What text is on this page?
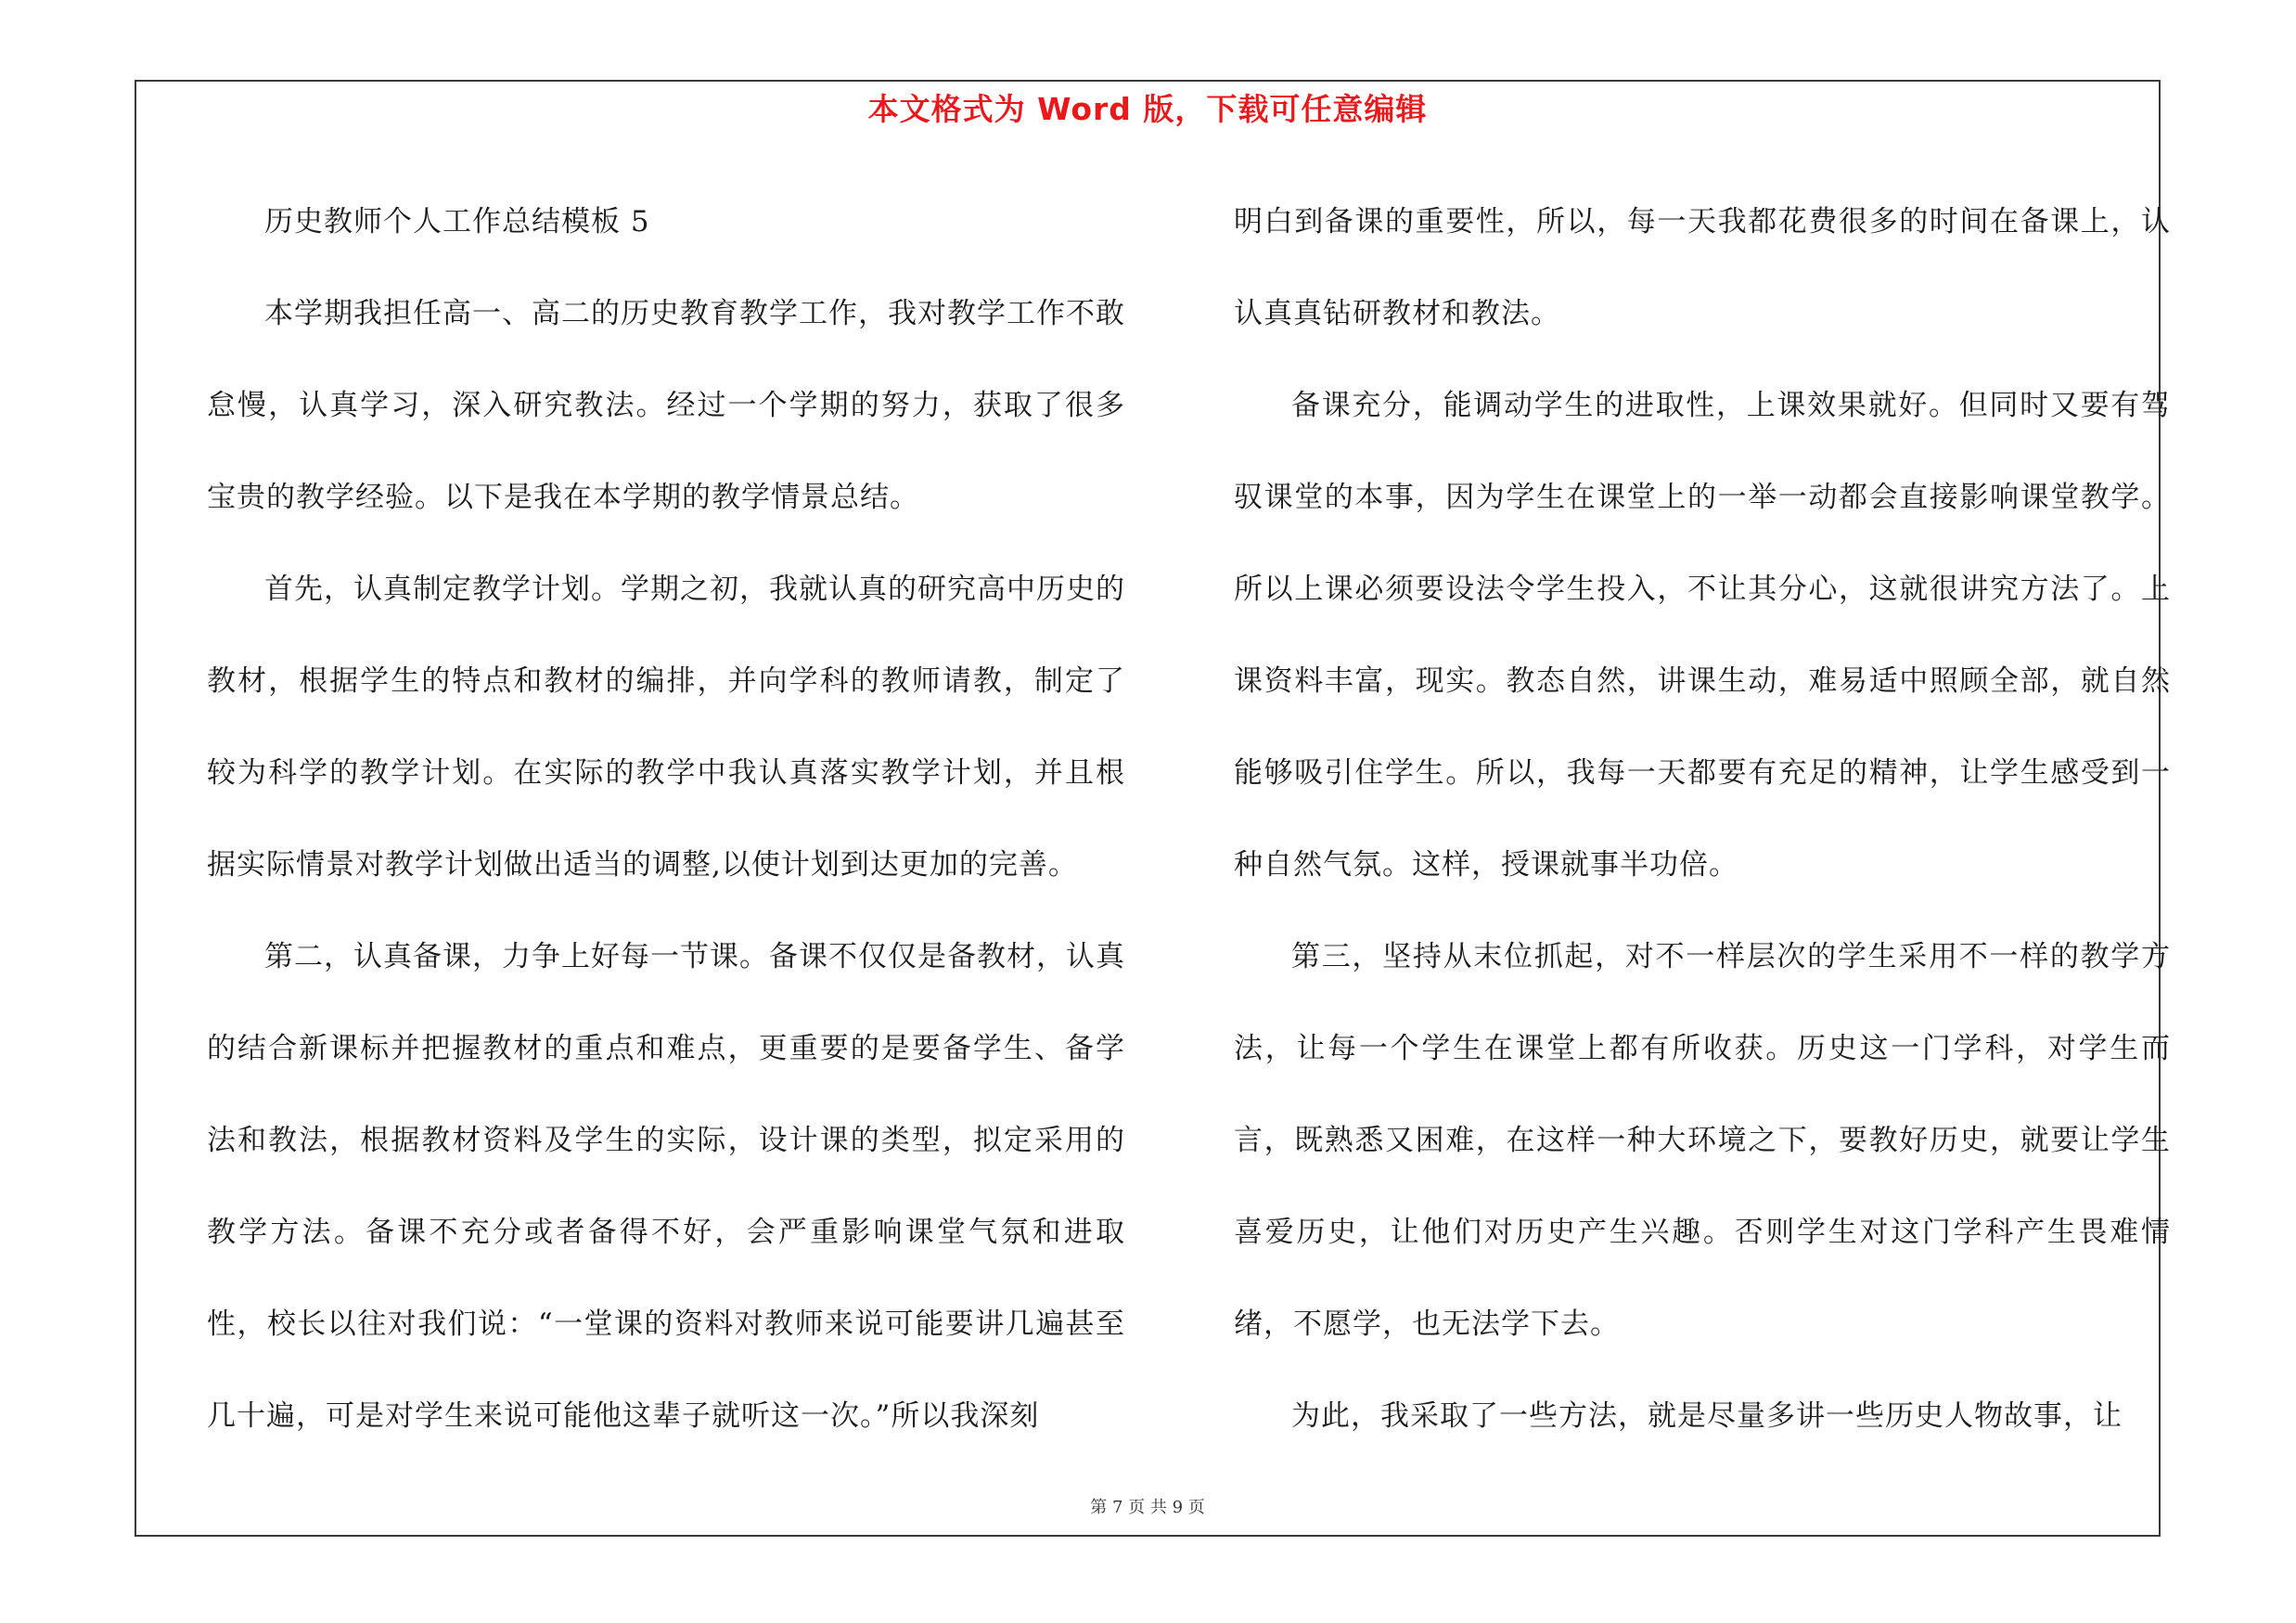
本文格式为 Word 版，下载可任意编辑

历史教师个人工作总结模板 5

本学期我担任高一、高二的历史教育教学工作，我对教学工作不敢怠慢，认真学习，深入研究教法。经过一个学期的努力，获取了很多宝贵的教学经验。以下是我在本学期的教学情景总结。

首先，认真制定教学计划。学期之初，我就认真的研究高中历史的教材，根据学生的特点和教材的编排，并向学科的教师请教，制定了较为科学的教学计划。在实际的教学中我认真落实教学计划，并且根据实际情景对教学计划做出适当的调整,以使计划到达更加的完善。

第二，认真备课，力争上好每一节课。备课不仅仅是备教材，认真的结合新课标并把握教材的重点和难点，更重要的是要备学生、备学法和教法，根据教材资料及学生的实际，设计课的类型，拟定采用的教学方法。备课不充分或者备得不好，会严重影响课堂气氛和进取性，校长以往对我们说：“一堂课的资料对教师来说可能要讲几遍甚至几十遍，可是对学生来说可能他这辈子就听这一次。”所以我深刻

明白到备课的重要性，所以，每一天我都花费很多的时间在备课上，认认真真钻研教材和教法。

备课充分，能调动学生的进取性，上课效果就好。但同时又要有驾驭课堂的本事，因为学生在课堂上的一举一动都会直接影响课堂教学。所以上课必须要设法令学生投入，不让其分心，这就很讲究方法了。上课资料丰富，现实。教态自然，讲课生动，难易适中照顾全部，就自然能够吸引住学生。所以，我每一天都要有充足的精神，让学生感受到一种自然气氛。这样，授课就事半功倍。

第三，坚持从末位抓起，对不一样层次的学生采用不一样的教学方法，让每一个学生在课堂上都有所收获。历史这一门学科，对学生而言，既熟悉又困难，在这样一种大环境之下，要教好历史，就要让学生喜爱历史，让他们对历史产生兴趣。否则学生对这门学科产生畏难情绪，不愿学，也无法学下去。

为此，我采取了一些方法，就是尽量多讲一些历史人物故事，让

第 7 页 共 9 页
